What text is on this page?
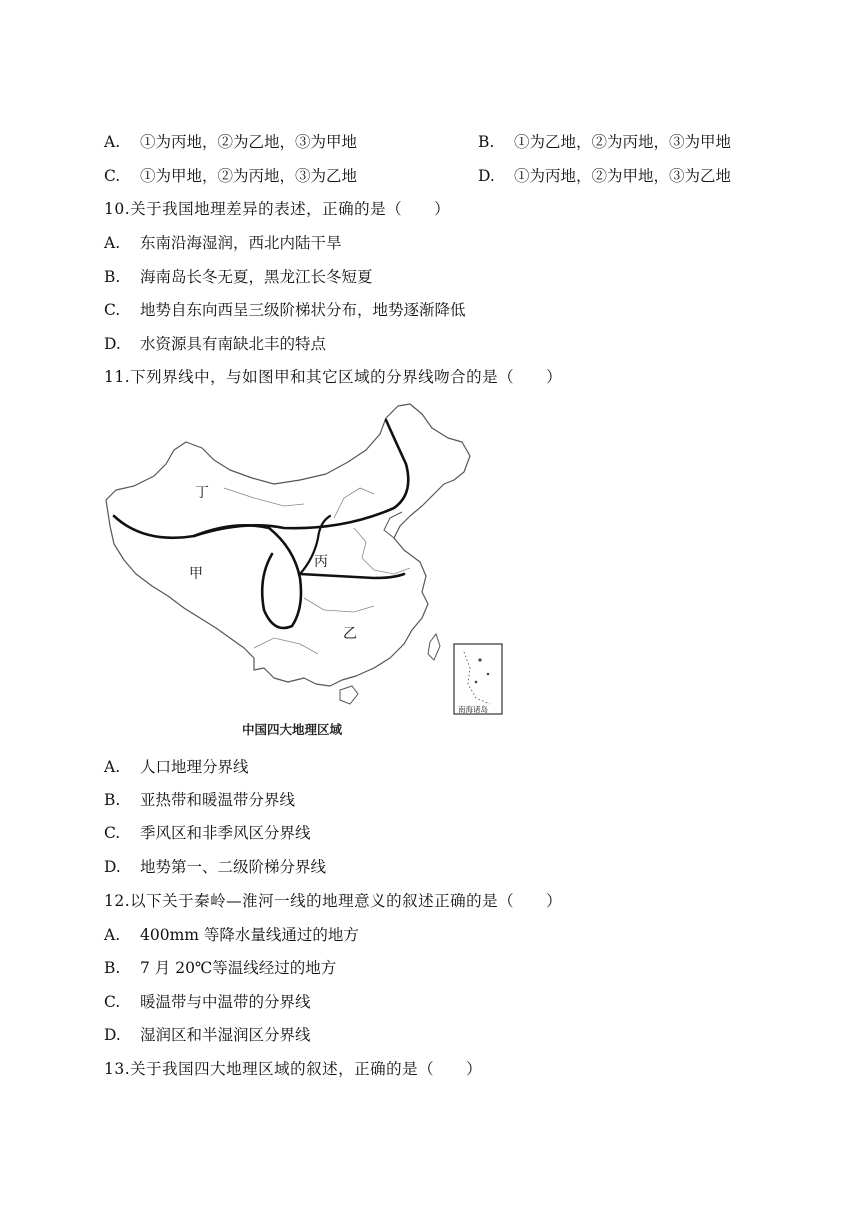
A. ①为丙地，②为乙地，③为甲地	B. ①为乙地，②为丙地，③为甲地
C. ①为甲地，②为丙地，③为乙地	D. ①为丙地，②为甲地，③为乙地
10.关于我国地理差异的表述，正确的是（　　）
A. 东南沿海湿润，西北内陆干旱
B. 海南岛长冬无夏，黑龙江长冬短夏
C. 地势自东向西呈三级阶梯状分布，地势逐渐降低
D. 水资源具有南缺北丰的特点
11.下列界线中，与如图甲和其它区域的分界线吻合的是（　　）
丁
甲
丙
乙
南海诸岛
中国四大地理区域
A. 人口地理分界线
B. 亚热带和暖温带分界线
C. 季风区和非季风区分界线
D. 地势第一、二级阶梯分界线
12.以下关于秦岭—淮河一线的地理意义的叙述正确的是（　　）
A. 400mm 等降水量线通过的地方
B. 7 月 20℃等温线经过的地方
C. 暖温带与中温带的分界线
D. 湿润区和半湿润区分界线
13.关于我国四大地理区域的叙述，正确的是（　　）
